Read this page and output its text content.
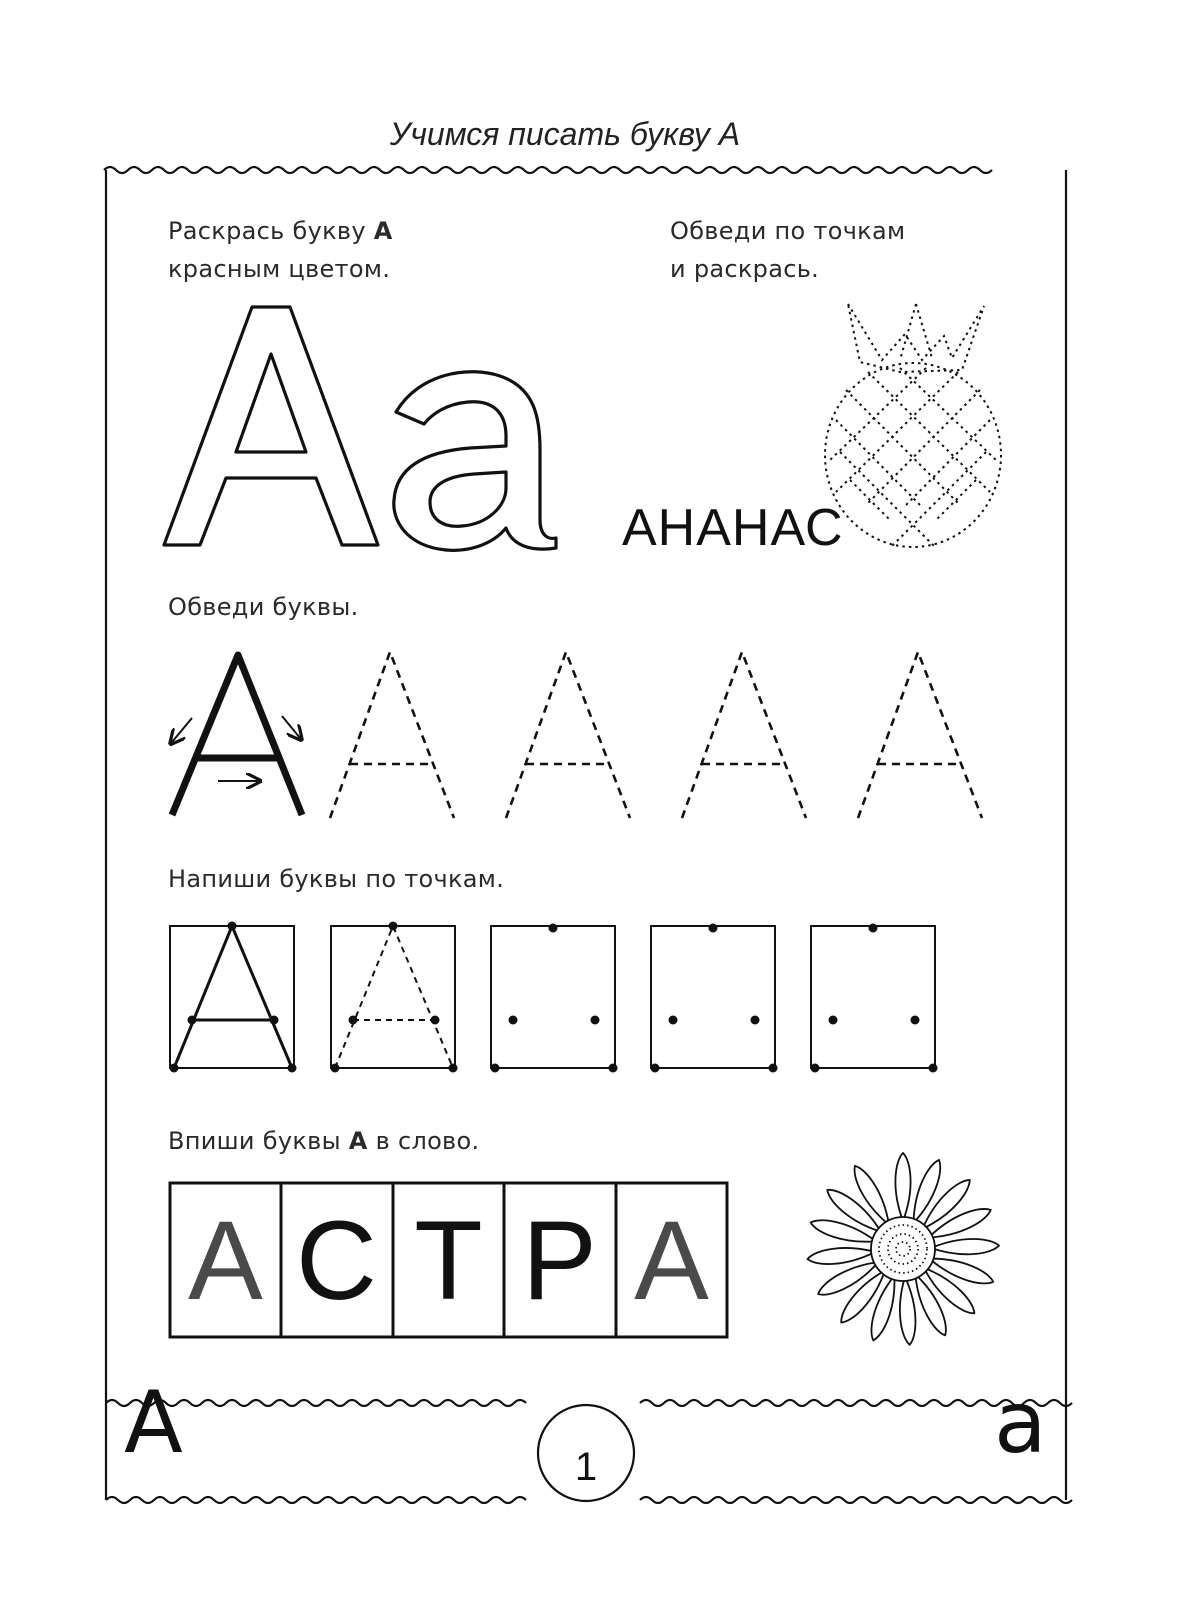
Учимся писать букву А
Раскрась букву А
красным цветом.
Обведи по точкам
и раскрась.
АНАНАС
Обведи буквы.
Напиши буквы по точкам.
Впиши буквы А в слово.
А С Т Р А
А	1	а
